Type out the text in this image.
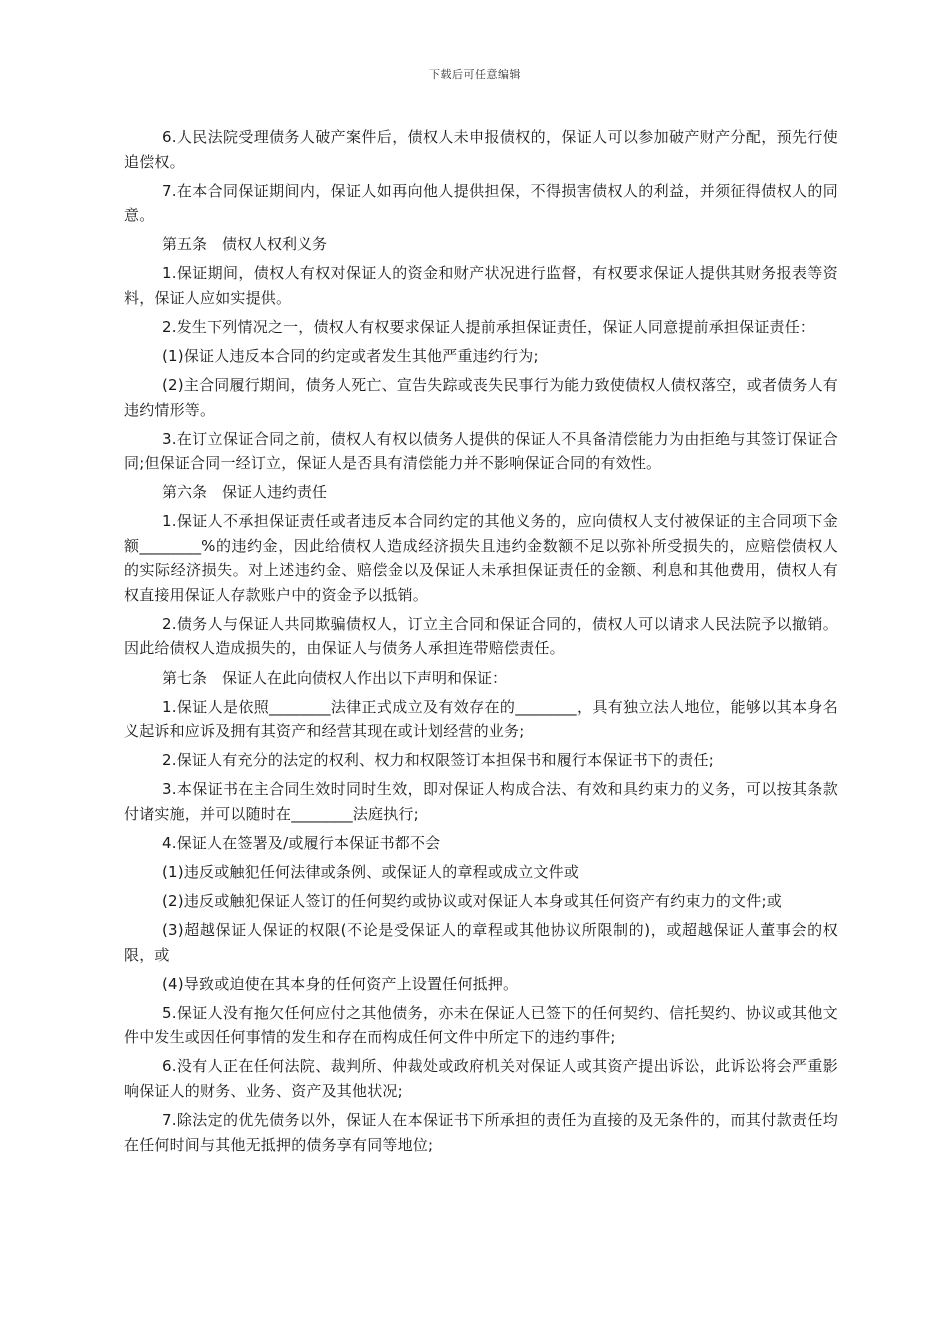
下载后可任意编辑

6.人民法院受理债务人破产案件后，债权人未申报债权的，保证人可以参加破产财产分配，预先行使追偿权。

7.在本合同保证期间内，保证人如再向他人提供担保，不得损害债权人的利益，并须征得债权人的同意。

第五条　债权人权利义务

1.保证期间，债权人有权对保证人的资金和财产状况进行监督，有权要求保证人提供其财务报表等资料，保证人应如实提供。

2.发生下列情况之一，债权人有权要求保证人提前承担保证责任，保证人同意提前承担保证责任：

(1)保证人违反本合同的约定或者发生其他严重违约行为;

(2)主合同履行期间，债务人死亡、宣告失踪或丧失民事行为能力致使债权人债权落空，或者债务人有违约情形等。

3.在订立保证合同之前，债权人有权以债务人提供的保证人不具备清偿能力为由拒绝与其签订保证合同;但保证合同一经订立，保证人是否具有清偿能力并不影响保证合同的有效性。

第六条　保证人违约责任

1.保证人不承担保证责任或者违反本合同约定的其他义务的，应向债权人支付被保证的主合同项下金额________%的违约金，因此给债权人造成经济损失且违约金数额不足以弥补所受损失的，应赔偿债权人的实际经济损失。对上述违约金、赔偿金以及保证人未承担保证责任的金额、利息和其他费用，债权人有权直接用保证人存款账户中的资金予以抵销。

2.债务人与保证人共同欺骗债权人，订立主合同和保证合同的，债权人可以请求人民法院予以撤销。因此给债权人造成损失的，由保证人与债务人承担连带赔偿责任。

第七条　保证人在此向债权人作出以下声明和保证：

1.保证人是依照________法律正式成立及有效存在的________，具有独立法人地位，能够以其本身名义起诉和应诉及拥有其资产和经营其现在或计划经营的业务;

2.保证人有充分的法定的权利、权力和权限签订本担保书和履行本保证书下的责任;

3.本保证书在主合同生效时同时生效，即对保证人构成合法、有效和具约束力的义务，可以按其条款付诸实施，并可以随时在________法庭执行;

4.保证人在签署及/或履行本保证书都不会

(1)违反或触犯任何法律或条例、或保证人的章程或成立文件或

(2)违反或触犯保证人签订的任何契约或协议或对保证人本身或其任何资产有约束力的文件;或

(3)超越保证人保证的权限(不论是受保证人的章程或其他协议所限制的)，或超越保证人董事会的权限，或

(4)导致或迫使在其本身的任何资产上设置任何抵押。

5.保证人没有拖欠任何应付之其他债务，亦未在保证人已签下的任何契约、信托契约、协议或其他文件中发生或因任何事情的发生和存在而构成任何文件中所定下的违约事件;

6.没有人正在任何法院、裁判所、仲裁处或政府机关对保证人或其资产提出诉讼，此诉讼将会严重影响保证人的财务、业务、资产及其他状况;

7.除法定的优先债务以外，保证人在本保证书下所承担的责任为直接的及无条件的，而其付款责任均在任何时间与其他无抵押的债务享有同等地位;
